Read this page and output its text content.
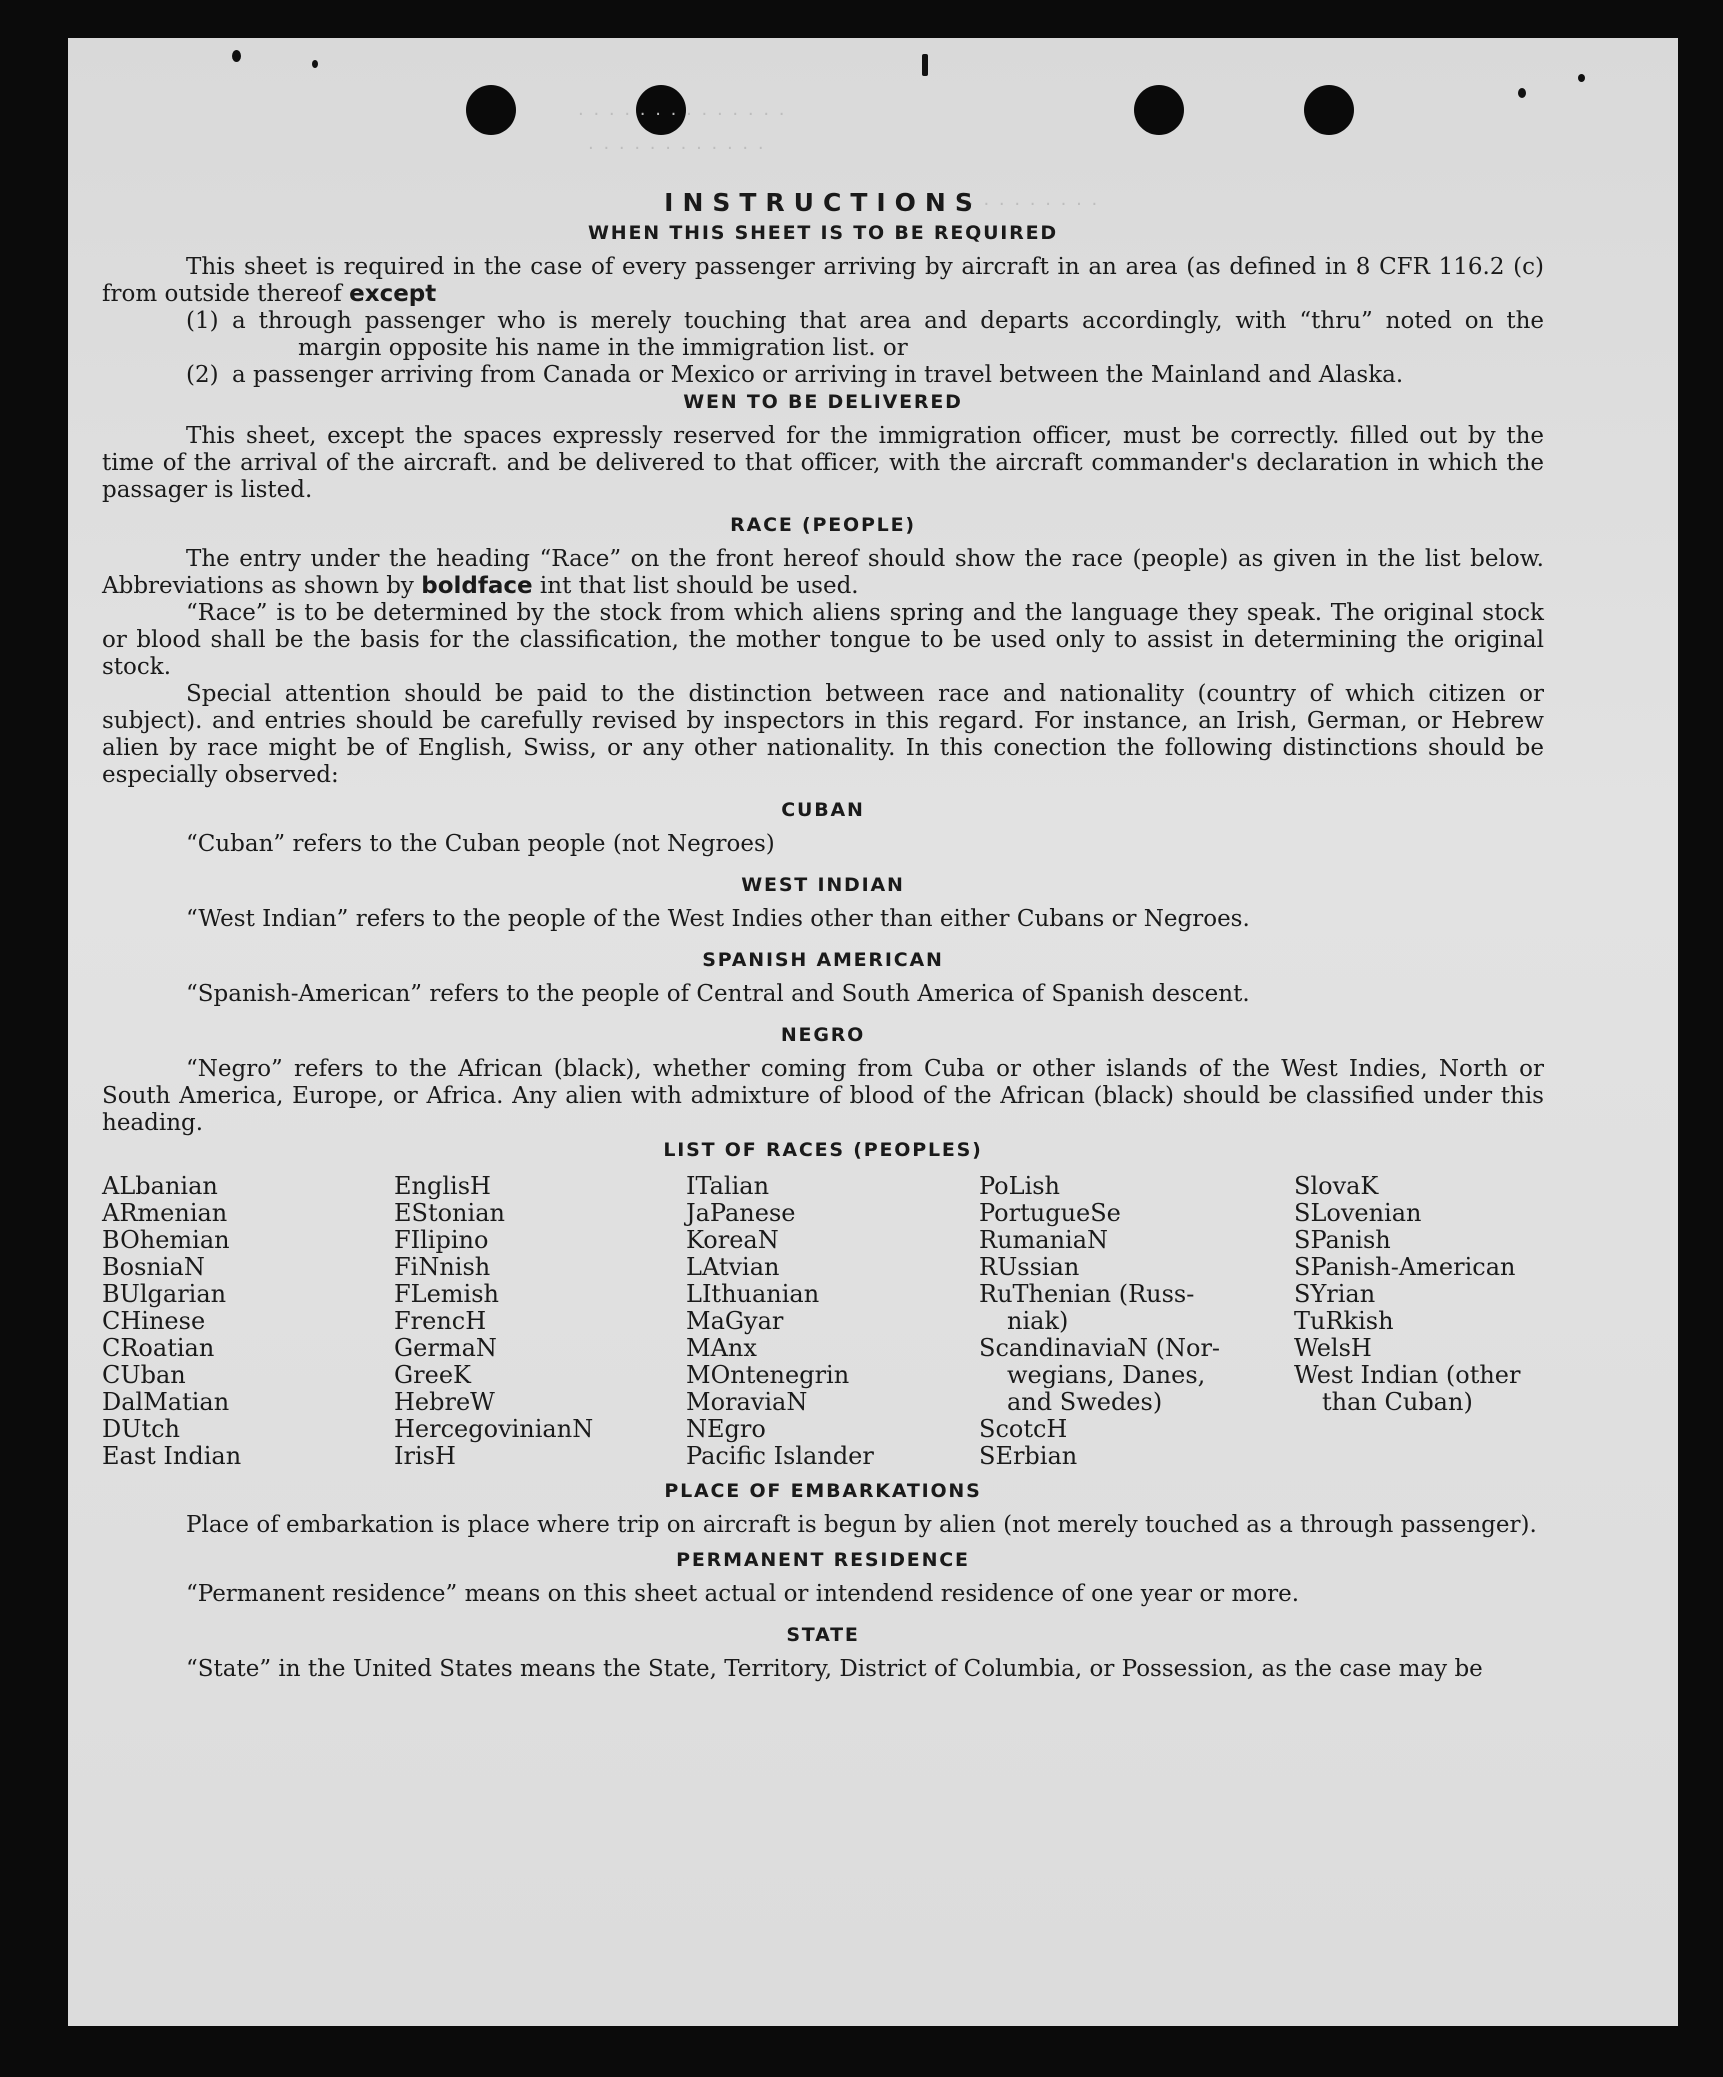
· · · · · · · · · · · · · ·
· · · · · · · · · · · ·
· · · · · · · · ·
INSTRUCTIONS
WHEN THIS SHEET IS TO BE REQUIRED

This sheet is required in the case of every passenger arriving by aircraft in an area (as defined in 8 CFR 116.2 (c) from outside thereof except

(1) a through passenger who is merely touching that area and departs accordingly, with “thru” noted on the margin opposite his name in the immigration list. or

(2) a passenger arriving from Canada or Mexico or arriving in travel between the Mainland and Alaska.

WEN TO BE DELIVERED

This sheet, except the spaces expressly reserved for the immigration officer, must be correctly. filled out by the time of the arrival of the aircraft. and be delivered to that officer, with the aircraft commander's declaration in which the passager is listed.

RACE (PEOPLE)

The entry under the heading “Race” on the front hereof should show the race (people) as given in the list below. Abbreviations as shown by boldface int that list should be used.

“Race” is to be determined by the stock from which aliens spring and the language they speak. The original stock or blood shall be the basis for the classification, the mother tongue to be used only to assist in determining the original stock.

Special attention should be paid to the distinction between race and nationality (country of which citizen or subject). and entries should be carefully revised by inspectors in this regard. For instance, an Irish, German, or Hebrew alien by race might be of English, Swiss, or any other nationality. In this conection the following distinctions should be especially observed:

CUBAN

“Cuban” refers to the Cuban people (not Negroes)

WEST INDIAN

“West Indian” refers to the people of the West Indies other than either Cubans or Negroes.

SPANISH AMERICAN

“Spanish-American” refers to the people of Central and South America of Spanish descent.

NEGRO

“Negro” refers to the African (black), whether coming from Cuba or other islands of the West Indies, North or South America, Europe, or Africa. Any alien with admixture of blood of the African (black) should be classified under this heading.

LIST OF RACES (PEOPLES)
ALbanian
ARmenian
BOhemian
BosniaN
BUlgarian
CHinese
CRoatian
CUban
DalMatian
DUtch
East Indian
EnglisH
EStonian
FIlipino
FiNnish
FLemish
FrencH
GermaN
GreeK
HebreW
HercegovinianN
IrisH
ITalian
JaPanese
KoreaN
LAtvian
LIthuanian
MaGyar
MAnx
MOntenegrin
MoraviaN
NEgro
Pacific Islander
PoLish
PortugueSe
RumaniaN
RUssian
RuThenian (Russ-
niak)
ScandinaviaN (Nor-
wegians, Danes,
and Swedes)
ScotcH
SErbian
SlovaK
SLovenian
SPanish
SPanish-American
SYrian
TuRkish
WelsH
West Indian (other
than Cuban)
PLACE OF EMBARKATIONS

Place of embarkation is place where trip on aircraft is begun by alien (not merely touched as a through passenger).

PERMANENT RESIDENCE

“Permanent residence” means on this sheet actual or intendend residence of one year or more.

STATE

“State” in the United States means the State, Territory, District of Columbia, or Possession, as the case may be
